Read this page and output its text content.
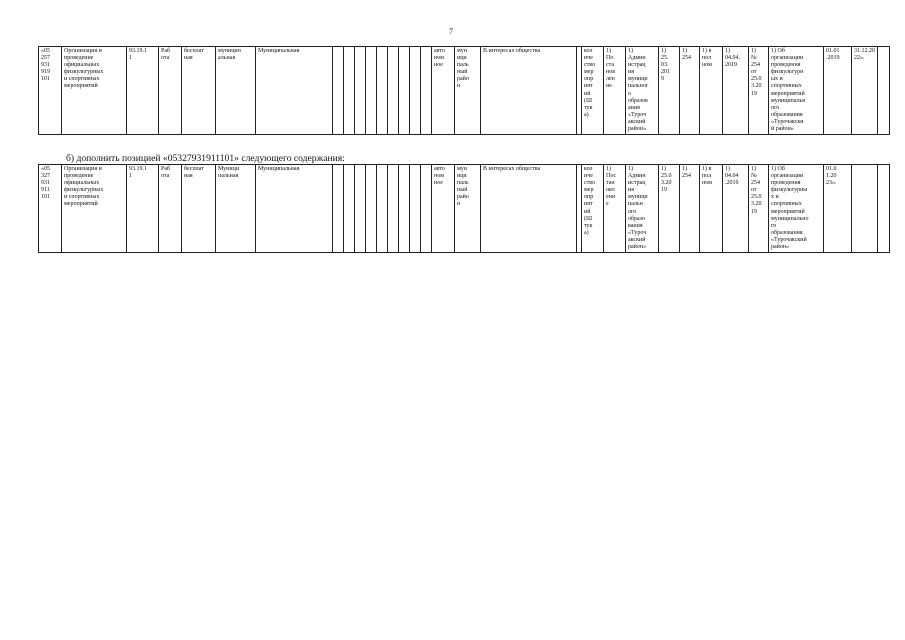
7
«05
257
931
919
101	Организация и
проведение
официальных
физкультурных
и спортивных
мероприятий	93.19.1
1	Раб
ота	бесплат
ная	муницип
альная	Муниципальная										авто
ном
ное	мун
ици
паль
ный
райо
н	В интересах общества		кол
иче
ство
мер
опр
ият
ий
(Ш
тук
а)	1)
По
ста
нов
лен
ие	1)
Админ
истрац
ия
муници
пальног
о
образов
ания
«Туроч
акский
район»	1)
25.
03.
201
9	1)
254	1) в
пол
ном	1)
04.04.
2019	1)
№
254
от
25.0
3.20
19	1) Об
организации
проведения
физкультурн
ых и
спортивных
мероприятий
муниципальн
ого
образования
«Турочакски
й район»	01.01
.2019	31.12.20
22».	
б) дополнить позицией «05327931911101» следующего содержания:
«05
327
931
911
101	Организация и
проведение
официальных
физкультурных
и спортивных
мероприятий	93.19.1
1	Раб
ота	бесплат
ная	Муници
пальная	Муниципальная										авто
ном
ное	мун
ици
паль
ный
райо
н	В интересах общества		кол
иче
ство
мер
опр
ият
ий
(Ш
тук
а)	1)
Пос
тан
овл
ени
е	1)
Админ
истрац
ия
муници
пальн
ого
образо
вания
«Туроч
акский
район»	1)
25.0
3.20
19	1)
254	1) в
пол
ном	1)
04.04
.2019	1)
№
254
от
25.0
3.20
19	1) Об
организации
проведения
физкультурны
х и
спортивных
мероприятий
муниципально
го
образования
«Турочакский
район»	01.0
1.20
23».		
